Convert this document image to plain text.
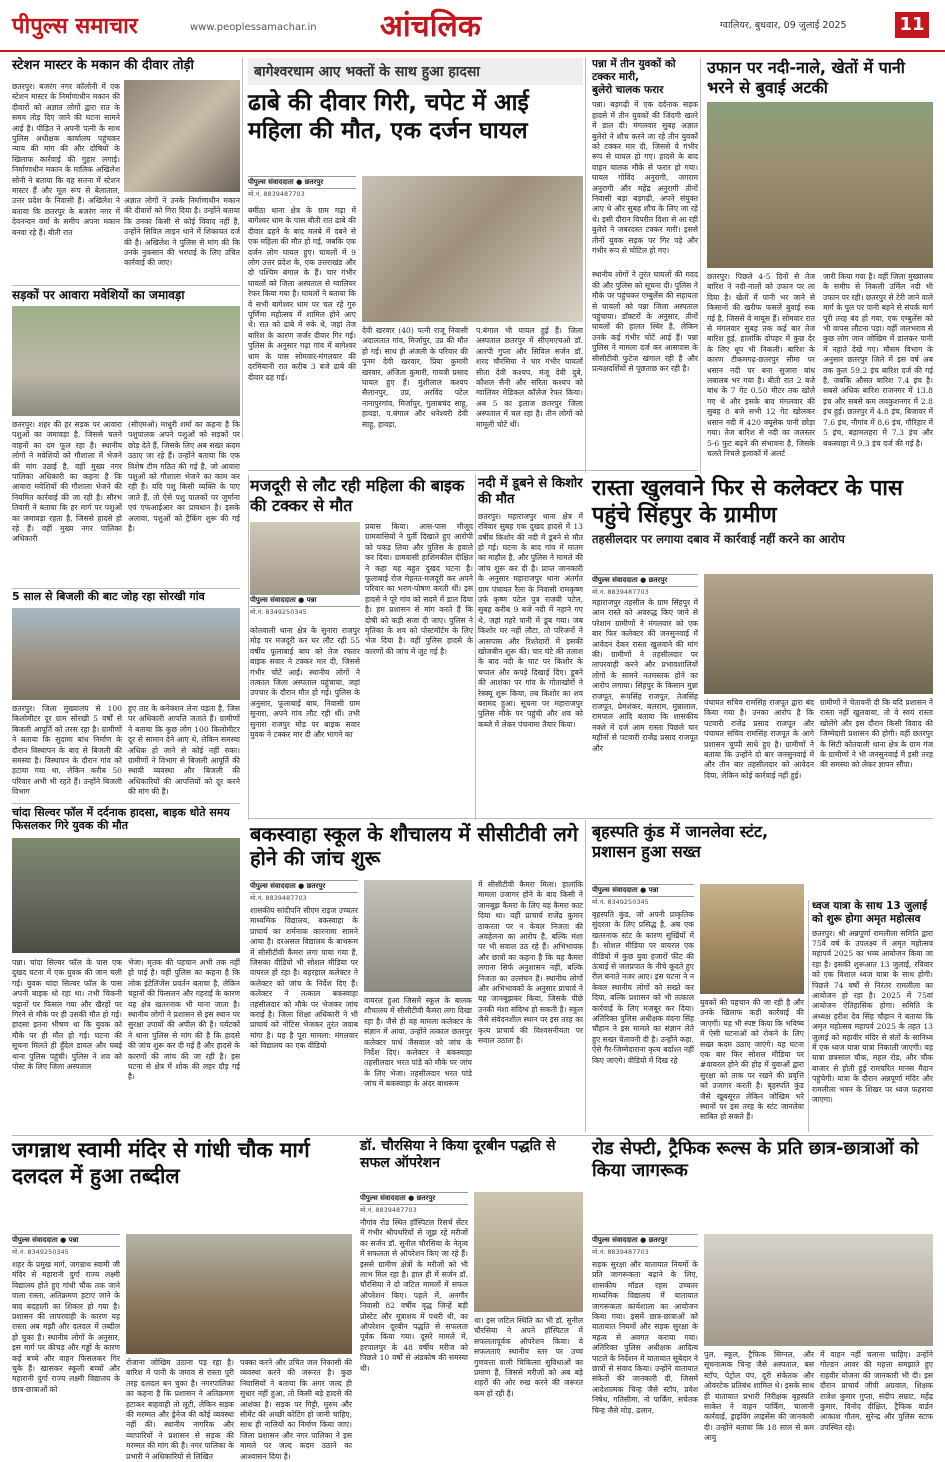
पीपुल्स समाचार	www.peoplessamachar.in आंचलिक	ग्वालियर, बुधवार, 09 जुलाई 2025	11
स्टेशन मास्टर के मकान की दीवार तोड़ी
छतरपुर। बजरंग नगर कॉलोनी में एक स्टेशन मास्टर के निर्माणाधीन मकान की दीवारों को अज्ञात लोगों द्वारा रात के समय तोड़ दिए जाने की घटना सामने आई है। पीड़ित ने अपनी पत्नी के साथ पुलिस अधीक्षक कार्यालय पहुंचकर न्याय की मांग की और दोषियों के खिलाफ कार्रवाई की गुहार लगाई। निर्माणाधीन मकान के मालिक अखिलेश सोनी ने बताया कि वह सतना में स्टेशन मास्टर हैं और मूल रूप से बेलाताल, उत्तर प्रदेश के निवासी हैं। अखिलेश ने बताया कि छतरपुर के बजरंग नगर में देवनन्दन वर्मा के समीप अपना मकान बनवा रहे हैं। बीती रात
अज्ञात लोगों ने उनके निर्माणाधीन मकान की दीवारों को गिरा दिया है। उन्होंने बताया कि उनका किसी से कोई विवाद नहीं है, उन्होंने सिविल लाइन थाने में शिकायत दर्ज की है। अखिलेश ने पुलिस से मांग की कि उनके नुकसान की भरपाई के लिए उचित कार्रवाई की जाए।
सड़कों पर आवारा मवेशियों का जमावड़ा
छतरपुर। शहर की हर सड़क पर आवारा पशुओं का जमावड़ा है, जिससे चलने वाहनों का दम फूल रहा है। स्थानीय लोगों ने मवेशियों को गौशाला में भेजने की मांग उठाई है, वहीं मुख्य नगर पालिका अधिकारी का कहना है कि आवारा मवेशियों की गौशाला भेजने की नियमित कार्रवाई की जा रही है। सौरभ तिवारी ने बताया कि हर मार्ग पर पशुओं का जमावड़ा रहता है, जिससे हादसे हो रहे हैं। वहीं मुख्य नगर पालिका अधिकारी
(सीएमओ) माधुरी शर्मा का कहना है कि पशुपालक अपने पशुओं को सड़कों पर छोड़ देते हैं, जिसके लिए अब सख्त कदम उठाए जा रहे हैं। उन्होंने बताया कि एक विशेष टीम गठित की गई है, जो आवारा पशुओं को गौशाला भेजने का काम कर रही है। यदि पशु किसी व्यक्ति के पाए जाते हैं, तो ऐसे पशु पालकों पर जुर्माना एवं एफआईआर का प्रावधान है। इसके अलावा, पशुओं को ट्रैकिंग शुरू की गई है।
5 साल से बिजली की बाट जोह रहा सोरखी गांव
छतरपुर। जिला मुख्यालय से 100 किलोमीटर दूर ग्राम सोरखी 5 वर्षों से बिजली आपूर्ति को तरस रहा है। ग्रामीणों ने बताया कि सुदामा बांध निर्माण के दौरान विस्थापन के बाद से बिजली की समस्या है। विस्थापन के दौरान गांव को हटाया गया था, लेकिन करीब 50 परिवार अभी भी रहते हैं। उन्होंने बिजली विभाग
हुए तार के कनेक्शन लेना पड़ता है, जिस पर अधिकारी आपत्ति जताते हैं। ग्रामीणों ने बताया कि कुछ लोग 100 किलोमीटर दूर से सामान देने आए थे, लेकिन समस्या अधिक हो जाने से कोई नहीं रुका। ग्रामीणों ने विभाग से बिजली आपूर्ति की स्थायी व्यवस्था और बिजली की अधिकारियों की आपत्तियों को दूर करने की मांग की है।
चांदा सिल्वर फॉल में दर्दनाक हादसा, बाइक धोते समय फिसलकर गिरे युवक की मौत
पन्ना। चांदा सिल्वर फॉल के पास एक दुखद घटना में एक युवक की जान चली गई। युवक चांदा सिल्वर फॉल के पास अपनी बाइक धो रहा था। तभी चिकनी चट्टानों पर फिसल गया और खैरहों पर गिरने से मौके पर ही उसकी मौत हो गई। हादसा इतना भीषण था कि युवक को मौके पर ही मौत हो गई। घटना की सूचना मिलते ही हुँदेल डायल और घबई थाना पुलिस पहुंची। पुलिस ने शव को पोस्ट के लिए जिला अस्पताल
भेजा। मृतक की पहचान अभी तक नहीं हो पाई है। वहीं पुलिस का कहना है कि लोक इंटेलिजेंस प्रवर्तन बताया है, लेकिन चट्टानों की फिसलन और गहराई के कारण यह क्षेत्र खतरनाक भी माना जाता है। स्थानीय लोगों ने प्रशासन से इस स्थान पर सुरक्षा उपायों की अपील की है। पर्यटकों ने थाना पुलिस से मांग की है कि हादसे की जांच शुरू कर दी गई है और हादसे के कारणों की जांच की जा रही है। इस घटना से क्षेत्र में शोक की लहर दौड़ गई है।
बागेश्वरधाम आए भक्तों के साथ हुआ हादसा
ढाबे की दीवार गिरी, चपेट में आई महिला की मौत, एक दर्जन घायल
पीपुल्स संवाददाता ● छतरपुर
मो.नं. 8839487703
बमीठा थाना क्षेत्र के ग्राम गढ़ा में बागेश्वर धाम के पास बीती रात ढाबे की दीवार ढहने के बाद मलबे में दबने से एक महिला की मौत हो गई, जबकि एक दर्जन लोग घायल हुए। घायलों में 9 लोग उत्तर प्रदेश के, एक उत्तराखंड और दो पश्चिम बंगाल के हैं। चार गंभीर घायलों को जिला अस्पताल से ग्वालियर रेफर किया गया है। घायलों ने बताया कि वे सभी बागेश्वर धाम पर चल रहे गुरु पूर्णिमा महोत्सव में शामिल होने आए थे। रात को ढाबे में रुके थे, जहां तेज बारिश के कारण जर्जर दीवार गिर गई। पुलिस के अनुसार गढ़ा गांव में बागेश्वर धाम के पास सोमवार-मंगलवार की दरमियानी रात करीब 3 बजे ढाबे की दीवार ढह गई।
देवी खरवार (40) पत्नी राजू निवासी अदालतात गांव, मिर्जापुर, उप्र की मौत हो गई। साथ ही अंजली के परिवार की पूनम देवी खरवार, प्रिया कुमारी खरवार, अंजिता कुमारी, गायत्री प्रसाद घायल हुए हैं। मुंशीलाल कश्यप सैलानपुर, उप्र, अरविंद पटेल नानापुरगांव, मिर्जापुर, गुलाबचंद साहू, हावड़ा, प.बंगाल और धनेश्वरी देवी साहू, हावड़ा,
प.बंगाल भी घायल हुई हैं। जिला अस्पताल छतरपुर में सीएमएचओ डॉ. आरपी गुप्ता और सिविल सर्जन डॉ. शरद चौरसिया ने चार गंभीर घायलों सीता देवी कश्यप, मंजू देवी दुबे, कौशल सैनी और सरिता कश्यप को ग्वालियर मेडिकल कॉलेज रेफर किया। अब 5 का इलाज छतरपुर जिला अस्पताल में चल रहा है। तीन लोगों को मामूली चोटें थीं।
पन्ना में तीन युवकों को टक्कर मारी,
बुलेरो चालक फरार
पन्ना। बड़गढ़ी में एक दर्दनाक सड़क हादसे में तीन युवकों की जिंदगी खतरे में डाल दी। मंगलवार सुबह अज्ञात बुलेरो ने शौच करने जा रहे तीन युवकों को टक्कर मार दी, जिससे वे गंभीर रूप से घायल हो गए। हादसे के बाद वाहन चालक मौके से फरार हो गया। घायल गोविंद अनुरागी, जगराम अनुरागी और महेंद्र अनुरागी तीनों निवासी बड़ा बड़गढ़ी, अपने संयुक्त आए थे और सुबह शौच के लिए जा रहे थे। इसी दौरान विपरीत दिशा से आ रही बुलेरो ने जबरदस्त टक्कर मारी। इससे तीनों युवक सड़क पर गिर पड़े और गंभीर रूप से चोटिल हो गए।
स्थानीय लोगों ने तुरंत घायलों की मदद की और पुलिस को सूचना दी। पुलिस ने मौके पर पहुंचकर एम्बुलेंस की सहायता से घायलों को पन्ना जिला अस्पताल पहुंचाया। डॉक्टरों के अनुसार, तीनों घायलों की हालत स्थिर है, लेकिन उनके कई गंभीर चोटें आई हैं। पन्ना पुलिस ने मामला दर्ज कर आसपास के सीसीटीवी फुटेज खंगाल रही है और प्रत्यक्षदर्शियों से पूछताछ कर रही है।
उफान पर नदी-नाले, खेतों में पानी भरने से बुवाई अटकी
छतरपुर। पिछले 4-5 दिनों से तेज बारिश ने नदी-नालों को उफान पर ला दिया है। खेतों में पानी भर जाने से किसानों की खरीफ फसलें बुवाई रुक गई है, जिससे वे मायूस हैं। सोमवार रात से मंगलवार सुबह तक कई बार तेज बारिश हुई, हालांकि दोपहर में कुछ देर के लिए धूप भी निकली। बारिश के कारण टीकमगढ़-छतरपुर सीमा पर धसान नदी पर बना सुजारा बांध लबालब भर गया है। बीती रात 2 बजे बांध के 7 गेट 0.50 मीटर तक खोले गए थे और इसके बाद मंगलवार की सुबह 8 बजे सभी 12 गेट खोलकर धसान नदी में 420 क्यूसेक पानी छोड़ा गया। तेज बारिश से नदी का जलस्तर 5-6 फुट बढ़ने की संभावना है, जिसके चलते निचले इलाकों में अलर्ट
जारी किया गया है। वहीं जिला मुख्यालय के समीप से निकली उर्मिल नदी भी उफान पर रही। छतरपुर से टेरी जाने वाले मार्ग के पुल पर पानी बहने से संपर्क मार्ग पूरी तरह बंद हो गया, एक एम्बुलेंस को भी वापस लौटना पड़ा। वहीं जलभराव से कुछ लोग जान जोखिम में डालकर पानी में नहाते देखे गए। मौसम विभाग के अनुसार छतरपुर जिले में इस वर्ष अब तक कुल 59.2 इंच बारिश दर्ज की गई है, जबकि औसत बारिश 7.4 इंच है। सबसे अधिक बारिश राजनगर में 13.8 इंच और सबसे कम लवकुशनगर में 2.8 इंच हुई। छतरपुर में 4.8 इंच, बिजावर में 7.6 इंच, नौगांव में 8.6 इंच, गौरिहार में 5 इंच, बड़ामलहरा में 7.3 इंच और बकस्वाहा में 9.3 इंच दर्ज की गई है।
मजदूरी से लौट रही महिला की बाइक की टक्कर से मौत
पीपुल्स संवाददाता ● पन्ना
मो.नं. 8349250345
कोतवाली थाना क्षेत्र के सुनारा राजपुर मोड़ पर मजदूरी कर घर लौट रही 55 वर्षीय फूलाबाई बाघ को तेज रफ्तार बाइक सवार ने टक्कर मार दी, जिससे गंभीर चोटें आईं। स्थानीय लोगों ने तत्काल जिला अस्पताल पहुंचाया, जहां उपचार के दौरान मौत हो गई। पुलिस के अनुसार, फूलाबाई बाघ, निवासी ग्राम सुनारा, अपने गांव लौट रही थीं। तभी सुनारा राजपुर मोड़ पर बाइक सवार युवक ने टक्कर मार दी और भागने का
प्रयास किया। आस-पास मौजूद ग्रामवासियों ने पुर्ती दिखाते हुए आरोपी को पकड़ लिया और पुलिस के हवाले कर दिया। ग्रामवासी हाशिमकील दीक्षित ने कहा यह बहुत दुखद घटना है। फूलाबाई रोज मेहनत-मजदूरी कर अपने परिवार का भरण-पोषण करती थीं। इस हादसे ने पूरे गांव को सदमे में डाल दिया है। हम प्रशासन से मांग करते हैं कि दोषी को कड़ी सजा दी जाए। पुलिस ने मृतिका के शव को पोस्टमॉर्टम के लिए भेज दिया है। वहीं पुलिस हादसे के कारणों की जांच में जुट गई है।
नदी में डूबने से किशोर की मौत
छतरपुर। महाराजपुर थाना क्षेत्र में रविवार सुबह एक दुखद हादसे में 13 वर्षीय किशोर की नदी में डूबने से मौत हो गई। घटना के बाद गांव में मातम का माहौल है, और पुलिस ने मामले की जांच शुरू कर दी है। प्राप्त जानकारी के अनुसार महाराजपुर थाना अंतर्गत ग्राम पंचायत रैला के निवासी रामकृष्ण उर्फ कृष्ण पटेल पुत्र राजवी पटेल, सुबह करीब 9 बजे नदी में नहाने गए थे, जहां गहरे पानी में डूब गया। जब किशोर घर नहीं लौटा, तो परिजनों ने आसपास और रिश्तेदारों में इसकी खोजबीन शुरू की। चार घंटे की तलाश के बाद नदी के घाट पर किशोर के चप्पल और कपड़े दिखाई दिए। डूबने की आशंका पर गांव के गोताखोरों ने रेस्क्यू शुरू किया, तब किशोर का शव बरामद हुआ। सूचना पर महाराजपुर पुलिस मौके पर पहुंची और शव को कब्जे में लेकर पंचनामा तैयार किया।
रास्ता खुलवाने फिर से कलेक्टर के पास पहुंचे सिंहपुर के ग्रामीण
तहसीलदार पर लगाया दबाव में कार्रवाई नहीं करने का आरोप
पीपुल्स संवाददाता ● छतरपुर
मो.नं. 8839487703
महाराजपुर तहसील के ग्राम सिंहपुर में आम रास्ते को अवरुद्ध किए जाने से परेशान ग्रामीणों ने मंगलवार को एक बार फिर कलेक्टर की जनसुनवाई में आवेदन देकर रास्ता खुलवाने की मांग की। ग्रामीणों ने तहसीलदार पर लापरवाही करने और प्रभावशालियों लोगों के सामने नतमस्तक होने का आरोप लगाया। सिंहपुर के किसान मुन्ना राजपूत, रूपसिंह राजपूत, तेजसिंह राजपूत, प्रेमशंकर, बलराम, मुन्नालाल, रामपाल आदि बताया कि शासकीय नक्शे में दर्ज आम रास्ता पिछले चार महीनों से पटवारी राजेंद्र प्रसाद राजपूत और
पंचायत सचिव रामसिंह राजपूत द्वारा बंद किया गया है। उनका आरोप है कि पटवारी राजेंद्र प्रसाद राजपूत और पंचायत सचिव रामसिंह राजपूत के आगे प्रशासन चुप्पी साधे हुए है। ग्रामीणों ने बताया कि उन्होंने दो बार जनसुनवाई में और तीन बार तहसीलदार को आवेदन दिया, लेकिन कोई कार्रवाई नहीं हुई।
ग्रामीणों ने चेतावनी दी कि यदि प्रशासन ने रास्ता नहीं खुलवाया, तो वे स्वयं रास्ता खोलेंगे और इस दौरान किसी विवाद की जिम्मेदारी प्रशासन की होगी। वहीं छतरपुर के सिटी कोतवाली थाना क्षेत्र के ग्राम गंज के ग्रामीणों ने भी जनसुनवाई में इसी तरह की समस्या को लेकर ज्ञापन सौंपा।
बकस्वाहा स्कूल के शौचालय में सीसीटीवी लगे होने की जांच शुरू
पीपुल्स संवाददाता ● छतरपुर
मो.नं. 8839487703
शासकीय सांदीपनि सीएम राइज उच्चतर माध्यमिक विद्यालय, बकस्वाहा के प्राचार्य का शर्मनाक कारनामा सामने आया है। दरअसल विद्यालय के बाथरूम में सीसीटीवी कैमरा लगा पाया गया है, जिसका वीडियो भी सोशल मीडिया पर वायरल हो रहा है। बहरहाल कलेक्टर ने कलेक्टर को जांच के निर्देश दिए हैं। कलेक्टर ने तत्काल बकस्वाहा तहसीलदार को मौके पर भेजकर जांच कराई है। जिला शिक्षा अधिकारी ने भी प्राचार्य को नोटिस भेजकर तुरंत जवाब मांगा है। यह है पूरा मामला: मंगलवार को विद्यालय का एक वीडियो
वायरल हुआ जिसमें स्कूल के बालक शौचालय में सीसीटीवी कैमरा लगा दिखा रहा है। जैसे ही यह मामला कलेक्टर के संज्ञान में आया, उन्होंने तत्काल छतरपुर कलेक्टर पार्थ जैसवाल को जांच के निर्देश दिए। कलेक्टर ने बकस्वाहा तहसीलदार भरत पांडे को मौके पर जांच के लिए भेजा। तहसीलदार भरत पांडे जांच में बकस्वाहा के अंदर बाथरूम
में सीसीटीवी कैमरा मिला। हालांकि मामला उजागर होने के बाद किसी ने जानबूझ कैमरा के लिए यह कैमरा काट दिया था। वहीं प्राचार्य राजेंद्र कुमार ठाकरता पर न केवल निजता की अवहेलना का आरोप है, बल्कि मंशा पर भी सवाल उठ रहे हैं। अभिभावक और छात्रों का कहना है कि यह कैमरा लगाना सिर्फ अनुशासन नहीं, बल्कि निजता का उल्लंघन है। स्थानीय लोगों और अभिभावकों के अनुसार प्राचार्य ने यह जानबूझकर किया, जिसके पीछे उनकी मंशा संदिग्ध हो सकती है। स्कूल जैसे संवेदनशील स्थान पर इस तरह का कृत्य प्राचार्य की विश्वसनीयता पर सवाल उठाता है।
बृहस्पति कुंड में जानलेवा स्टंट, प्रशासन हुआ सख्त
पीपुल्स संवाददाता ● पन्ना
मो.नं. 8349250345
बृहस्पति कुंड, जो अपनी प्राकृतिक सुंदरता के लिए प्रसिद्ध है, अब एक खतरनाक स्टंट के कारण सुर्खियों में है। सोशल मीडिया पर वायरल एक वीडियो में कुछ युवा हजारों फीट की ऊंचाई से जलप्रपात के नीचे कूदते हुए रील बनाते नजर आए। इस घटना ने न केवल स्थानीय लोगों को सख्ते कर दिया, बल्कि प्रशासन को भी तत्काल कार्रवाई के लिए मजबूर कर दिया। अतिरिक्त पुलिस अधीक्षक वंदना सिंह चौहान ने इस मामले का संज्ञान लेते हुए सख्त चेतावनी दी है। उन्होंने कहा, ऐसे गैर-जिम्मेदाराना कृत्य बर्दाश्त नहीं किए जाएंगे। वीडियो में दिख रहे
युवकों की पहचान की जा रही है और उनके खिलाफ कड़ी कार्रवाई की जाएगी। यह भी स्पष्ट किया कि भविष्य में ऐसी घटनाओं को रोकने के लिए सख्त कदम उठाए जाएंगे। यह घटना एक बार फिर सोशल मीडिया पर #वायरल होने की होड़ में युवाओं द्वारा सुरक्षा को ताक पर रखने की प्रवृत्ति को उजागर करती है। बृहस्पति कुंड जैसे खूबसूरत लेकिन जोखिम भरे स्थानों पर इस तरह के स्टंट जानलेवा साबित हो सकते हैं।
ध्वज यात्रा के साथ 13 जुलाई को शुरू होगा अमृत महोत्सव
छतरपुर। श्री अन्नपूर्णा रामलीला समिति द्वारा 75वें वर्ष के उपलक्ष्य में अमृत महोत्सव महापर्व 2025 का भव्य आयोजन किया जा रहा है। इसकी शुरूआत 13 जुलाई, रविवार को एक विशाल ध्वज यात्रा के साथ होगी। पिछले 74 वर्षों से निरंतर रामलीला का आयोजन हो रहा है। 2025 में 75वां आयोजन ऐतिहासिक होगा। समिति के अध्यक्ष हरीश देव सिंह चौहान ने बताया कि अमृत महोत्सव महापर्व 2025 के तहत 13 जुलाई को महावीर मंदिर से संतों के सानिध्य में एक ध्वज यात्रा यात्रा निकाली जाएगी। यह यात्रा छत्रसाल चौक, महल रोड, और चौक बाजार से होती हुई रामचरित मानस मैदान पहुंचेगी। यात्रा के दौरान अन्नपूर्णा मंदिर और रामलीला भवन के शिखर पर ध्वज फहराया जाएगा।
जगन्नाथ स्वामी मंदिर से गांधी चौक मार्ग दलदल में हुआ तब्दील
पीपुल्स संवाददाता ● पन्ना
मो.नं. 8349250345
शहर के प्रमुख मार्ग, जगन्नाथ स्वामी जी मंदिर से महारानी दुर्गा राज्य लक्ष्मी विद्यालय होते हुए गांधी चौक तक जाने वाला रास्ता, अतिक्रमण हटाए जाने के बाद बदहाली का शिकार हो गया है। प्रशासन की लापरवाही के कारण यह रास्ता अब मझौ और दलदल में तब्दील हो चुका है। स्थानीय लोगों के अनुसार, इस मार्ग पर कीचड़ और गड्ढों के कारण कई बच्चे और वाहन फिसलकर गिर चुके हैं। खासकर स्कूली बच्चों और महारानी दुर्गा राज्य लक्ष्मी विद्यालय के छात्र-छात्राओं को
रोजाना जोखिम उठाना पड़ रहा है। बारिश में पानी के जमाव से रास्ता पूरी तरह दलदल बन चुका है। नगरपालिका का कहना है कि प्रशासन ने अतिक्रमण हटाकर बाहवाही तो लूटी, लेकिन सड़क की मरम्मत और ड्रेनेज की कोई व्यवस्था नहीं की। स्थानीय नागरिक और व्यापारियों ने प्रशासन से सड़क की मरम्मत की मांग की है। नगर पालिका के प्रभारी ने अधिकारियों से लिखित
पक्का करने और उचित जल निकासी की व्यवस्था करने की जरूरत है। कुछ निवासियों ने बताया कि अगर जल्द ही सुधार नहीं हुआ, तो किसी बड़े हादसे की आशंका है। सड़क पर गिट्टी, मुरुम और सीमेंट की अच्छी कोटिंग हो जानी चाहिए, साथ ही नालियों का निर्माण किया जाए। जिला प्रशासन और नगर पालिका ने इस मामले पर जल्द कदम उठाने का आश्वासन दिया है।
डॉ. चौरसिया ने किया दूरबीन पद्धति से सफल ऑपरेशन
पीपुल्स संवाददाता ● छतरपुर
मो.नं. 8839487703
नौगांव रोड स्थित हॉस्पिटल रिसर्च सेंटर में गंभीर श्रीपथरियों से जूझ रहे मरीजों का सर्जन डॉ. सुनील चौरसिया के नेतृत्व में सफलता से ऑपरेशन किए जा रहे हैं। इससे ग्रामीण क्षेत्रों के मरीजों को भी लाभ मिल रहा है। हाल ही में सर्जन डॉ. चौरसिया ने दो जटिल मामलों में सफल ऑपरेशन किए। पहले में, अनगौर निवासी 82 वर्षीय वृद्ध जिन्हें बड़ी प्रोस्टेट और मूत्राशय में पथरी थी, का ऑपरेशन दूरबीन पद्धति से सफलता पूर्वक किया गया। दूसरे मामले में, हरपालपुर के 48 वर्षीय मरीज को पिछले 10 वर्षों से अंडकोष की समस्या थी।
था। इस जटिल स्थिति का भी डॉ. सुनील चौरसिया ने अपने हॉस्पिटल में सफलतापूर्वक ऑपरेशन किया। ये सफलताएं स्थानीय स्तर पर उच्च गुणवत्ता वाली चिकित्सा सुविधाओं का प्रमाण हैं, जिससे मरीजों को अब बड़े शहरों की ओर रुख करने की जरूरत कम हो रही है।
रोड सेफ्टी, ट्रैफिक रूल्स के प्रति छात्र-छात्राओं को किया जागरूक
पीपुल्स संवाददाता ● छतरपुर
मो.नं. 8839487703
सड़क सुरक्षा और यातायात नियमों के प्रति जागरूकता बढ़ाने के लिए, शासकीय मॉडल रहस उच्चतर माध्यमिक विद्यालय में यातायात जागरूकता कार्यशाला का आयोजन किया गया। इसमें छात्र-छात्राओं को यातायात नियमों और सड़क सुरक्षा के महत्व से अवगत कराया गया। अतिरिक्त पुलिस अधीक्षक आदित्य पाटले के निर्देशन में यातायात सूबेदार ने छात्रों से संवाद किया। उन्होंने यातायात संकेतों की जानकारी दी, जिसमें आदेशात्मक चिन्ह जैसे स्टॉप, प्रवेश निषेध, गतिसीमा, नो पार्किंग, सचेतक चिन्ह जैसे मोड़, ढलान,
पुल, स्कूल, ट्रैफिक सिग्नल, और सूचनात्मक चिन्ह जैसे अस्पताल, बस स्टॉप, पेट्रोल पंप, दूरी संकेतक और ओवरटेक प्रतिबंध शामिल थे। इसके साथ ही यातायात प्रभारी निरीक्षक बृहस्पति साकेत ने वाहन पार्किंग, चालानी कार्रवाई, ड्राइविंग लाइसेंस की जानकारी दी। उन्होंने बताया कि 18 साल से कम आयु
में वाहन नहीं चलाना चाहिए। उन्होंने गोल्डन आवर की महत्ता समझाते हुए राहवीर योजना की जानकारी भी दी। इस दौरान प्राचार्य जीपी अग्रवाल, शिक्षक राजेश कुमार गुप्ता, संदीप सम्राट, महेंद्र कुमार, विनोद दीक्षित, ट्रैफिक वार्डन आकाश गौतम, सुरेन्द्र और पुलिस स्टाफ उपस्थित रहे।
